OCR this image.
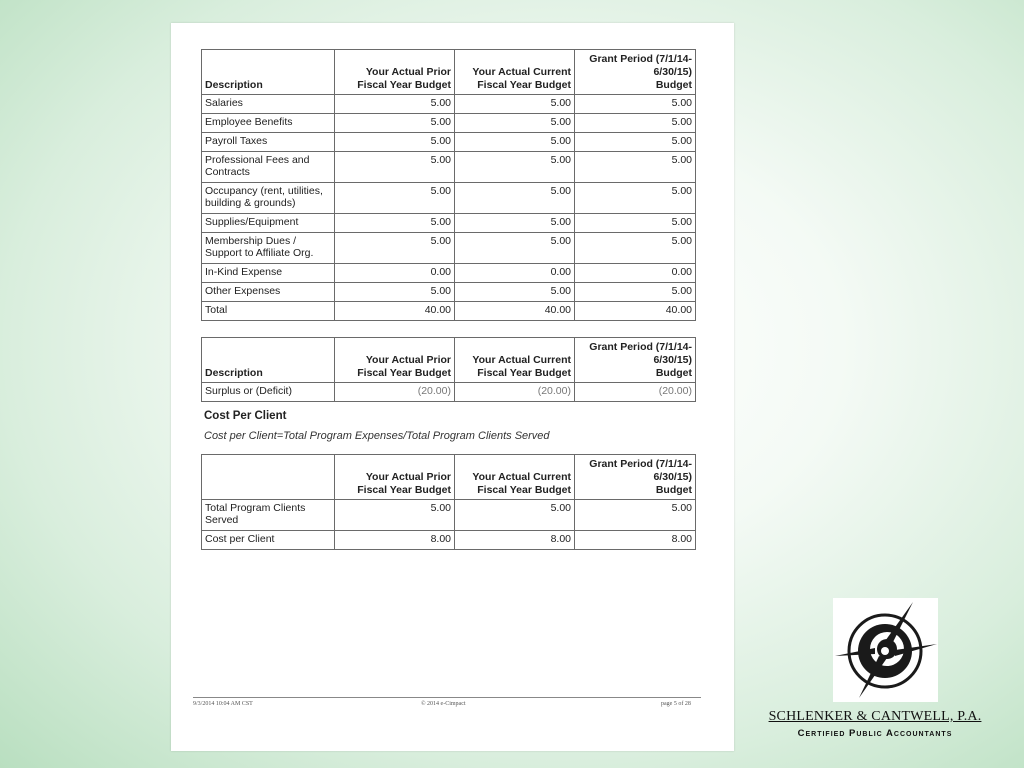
Description	Your Actual Prior Fiscal Year Budget	Your Actual Current Fiscal Year Budget	Grant Period (7/1/14-
6/30/15)
Budget
Salaries	5.00	5.00	5.00
Employee Benefits	5.00	5.00	5.00
Payroll Taxes	5.00	5.00	5.00
Professional Fees and Contracts	5.00	5.00	5.00
Occupancy (rent, utilities, building & grounds)	5.00	5.00	5.00
Supplies/Equipment	5.00	5.00	5.00
Membership Dues / Support to Affiliate Org.	5.00	5.00	5.00
In-Kind Expense	0.00	0.00	0.00
Other Expenses	5.00	5.00	5.00
Total	40.00	40.00	40.00
Description	Your Actual Prior Fiscal Year Budget	Your Actual Current Fiscal Year Budget	Grant Period (7/1/14-
6/30/15)
Budget
Surplus or (Deficit)	(20.00)	(20.00)	(20.00)
Cost Per Client
Cost per Client=Total Program Expenses/Total Program Clients Served
	Your Actual Prior Fiscal Year Budget	Your Actual Current Fiscal Year Budget	Grant Period (7/1/14-
6/30/15)
Budget
Total Program Clients Served	5.00	5.00	5.00
Cost per Client	8.00	8.00	8.00
9/3/2014 10:04 AM CST	© 2014 e-Cimpact	page 5 of 28
SCHLENKER & CANTWELL, P.A.
Certified Public Accountants
